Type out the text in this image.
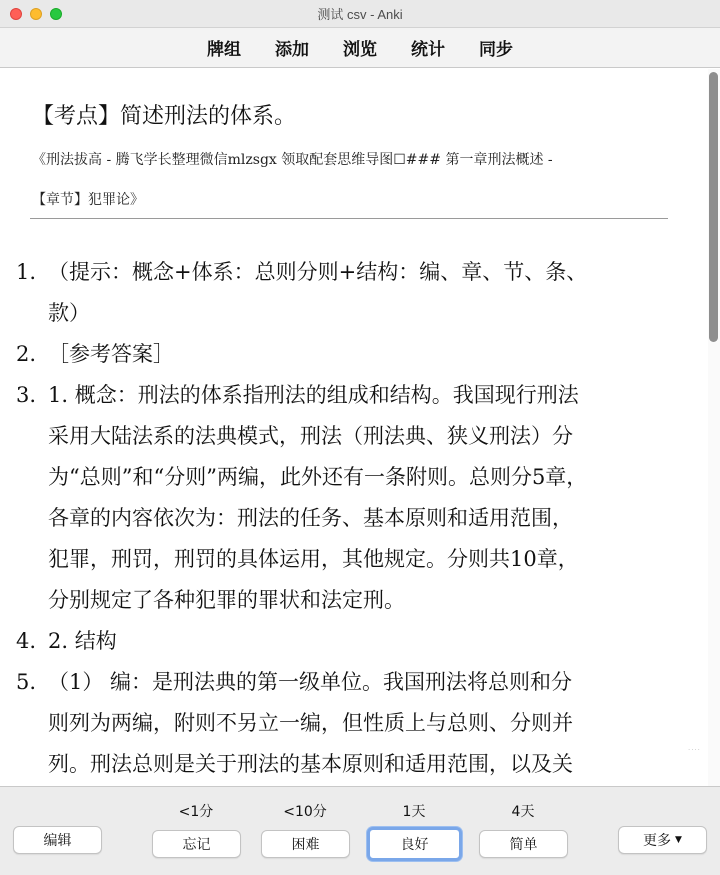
测试 csv - Anki
牌组	添加	浏览	统计	同步
【考点】简述刑法的体系。
《刑法拔高 - 腾飞学长整理微信mlzsgx 领取配套思维导图☐### 第一章刑法概述 -
【章节】犯罪论》
1. （提示：概念+体系：总则分则+结构：编、章、节、条、
款）
2. ［参考答案］
3. 1. 概念：刑法的体系指刑法的组成和结构。我国现行刑法
采用大陆法系的法典模式，刑法（刑法典、狭义刑法）分
为“总则”和“分则”两编，此外还有一条附则。总则分5章，
各章的内容依次为：刑法的任务、基本原则和适用范围，
犯罪，刑罚，刑罚的具体运用，其他规定。分则共10章，
分别规定了各种犯罪的罪状和法定刑。
4. 2. 结构
5. （1） 编：是刑法典的第一级单位。我国刑法将总则和分
则列为两编，附则不另立一编，但性质上与总则、分则并
列。刑法总则是关于刑法的基本原则和适用范围，以及关
····
编辑
<1分	<10分	1天	4天
忘记	困难	良好	简单	更多 ▼
